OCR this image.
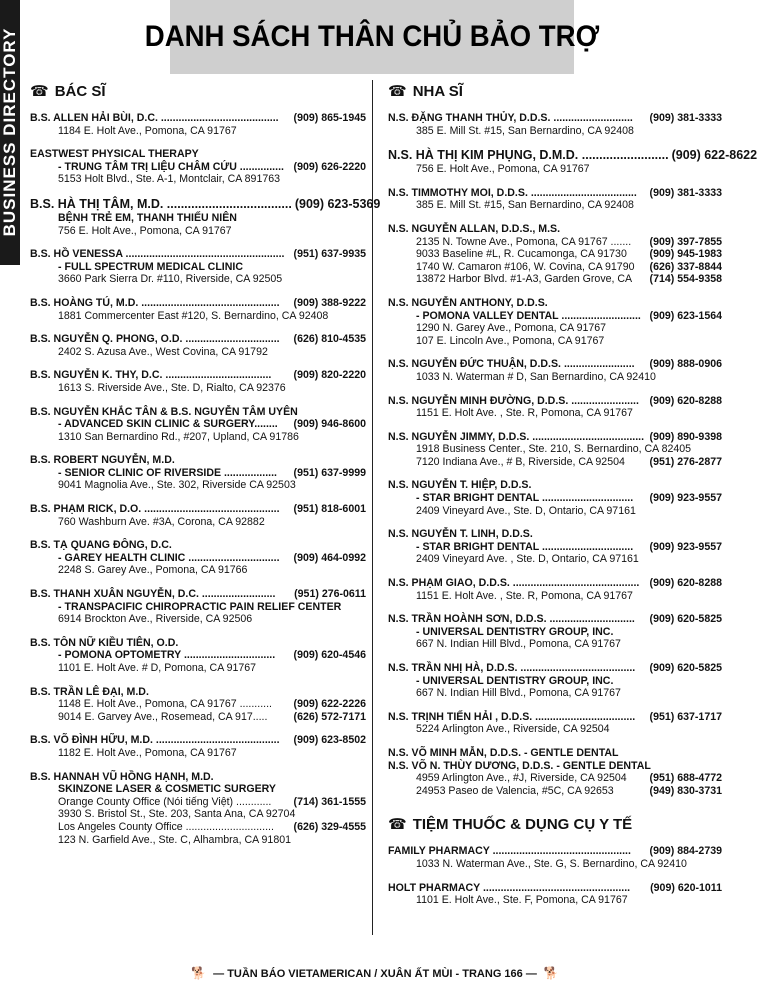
BUSINESS DIRECTORY	DANH SÁCH THÂN CHỦ BẢO TRỢ
☎ BÁC SĨ
B.S. ALLEN HẢI BÙI, D.C. ........................................ (909) 865-1945
1184 E. Holt Ave., Pomona, CA 91767
EASTWEST PHYSICAL THERAPY
- TRUNG TÂM TRỊ LIỆU CHÂM CỨU ............... (909) 626-2220
5153 Holt Blvd., Ste. A-1, Montclair, CA 891763
B.S. HÀ THỊ TÂM, M.D. .................................... (909) 623-5369
BỆNH TRẺ EM, THANH THIẾU NIÊN
756 E. Holt Ave., Pomona, CA 91767
B.S. HỒ VENESSA ...................................................... (951) 637-9935
- FULL SPECTRUM MEDICAL CLINIC
3660 Park Sierra Dr. #110, Riverside, CA 92505
B.S. HOÀNG TÚ, M.D. ............................................... (909) 388-9222
1881 Commercenter East #120, S. Bernardino, CA 92408
B.S. NGUYỄN Q. PHONG, O.D. ................................ (626) 810-4535
2402 S. Azusa Ave., West Covina, CA 91792
B.S. NGUYỄN K. THY, D.C. .................................... (909) 820-2220
1613 S. Riverside Ave., Ste. D, Rialto, CA 92376
B.S. NGUYỄN KHẮC TÂN & B.S. NGUYỄN TÂM UYÊN
- ADVANCED SKIN CLINIC & SURGERY........ (909) 946-8600
1310 San Bernardino Rd., #207, Upland, CA 91786
B.S. ROBERT NGUYỄN, M.D.
- SENIOR CLINIC OF RIVERSIDE .................. (951) 637-9999
9041 Magnolia Ave., Ste. 302, Riverside CA 92503
B.S. PHẠM RICK, D.O. .............................................. (951) 818-6001
760 Washburn Ave. #3A, Corona, CA 92882
B.S. TẠ QUANG ĐÔNG, D.C.
- GAREY HEALTH CLINIC ............................... (909) 464-0992
2248 S. Garey Ave., Pomona, CA 91766
B.S. THANH XUÂN NGUYỄN, D.C. ......................... (951) 276-0611
- TRANSPACIFIC CHIROPRACTIC PAIN RELIEF CENTER
6914 Brockton Ave., Riverside, CA 92506
B.S. TÔN NỮ KIỀU TIÊN, O.D.
- POMONA OPTOMETRY ............................... (909) 620-4546
1101 E. Holt Ave. # D, Pomona, CA 91767
B.S. TRẦN LÊ ĐẠI, M.D.
1148 E. Holt Ave., Pomona, CA 91767 ........... (909) 622-2226
9014 E. Garvey Ave., Rosemead, CA 917..... (626) 572-7171
B.S. VÕ ĐÌNH HỮU, M.D. .......................................... (909) 623-8502
1182 E. Holt Ave., Pomona, CA 91767
B.S. HANNAH VŨ HỒNG HẠNH, M.D.
SKINZONE LASER & COSMETIC SURGERY
Orange County Office (Nói tiếng Việt) ............ (714) 361-1555
3930 S. Bristol St., Ste. 203, Santa Ana, CA 92704
Los Angeles County Office .............................. (626) 329-4555
123 N. Garfield Ave., Ste. C, Alhambra, CA 91801
☎ NHA SĨ
N.S. ĐẶNG THANH THỦY, D.D.S. ........................... (909) 381-3333
385 E. Mill St. #15, San Bernardino, CA 92408
N.S. HÀ THỊ KIM PHỤNG, D.M.D. ......................... (909) 622-8622
756 E. Holt Ave., Pomona, CA 91767
N.S. TIMMOTHY MOI, D.D.S. .................................... (909) 381-3333
385 E. Mill St. #15, San Bernardino, CA 92408
N.S. NGUYỄN ALLAN, D.D.S., M.S.
2135 N. Towne Ave., Pomona, CA 91767 ....... (909) 397-7855
9033 Baseline #L, R. Cucamonga, CA 91730 (909) 945-1983
1740 W. Camaron #106, W. Covina, CA 91790 (626) 337-8844
13872 Harbor Blvd. #1-A3, Garden Grove, CA (714) 554-9358
N.S. NGUYỄN ANTHONY, D.D.S.
- POMONA VALLEY DENTAL ........................... (909) 623-1564
1290 N. Garey Ave., Pomona, CA 91767
107 E. Lincoln Ave., Pomona, CA 91767
N.S. NGUYỄN ĐỨC THUẬN, D.D.S. ........................ (909) 888-0906
1033 N. Waterman # D, San Bernardino, CA 92410
N.S. NGUYỄN MINH ĐƯỜNG, D.D.S. ....................... (909) 620-8288
1151 E. Holt Ave. , Ste. R, Pomona, CA 91767
N.S. NGUYỄN JIMMY, D.D.S. ...................................... (909) 890-9398
1918 Business Center., Ste. 210, S. Bernardino, CA 82405
7120 Indiana Ave., # B, Riverside, CA 92504 (951) 276-2877
N.S. NGUYỄN T. HIỆP, D.D.S.
- STAR BRIGHT DENTAL ............................... (909) 923-9557
2409 Vineyard Ave., Ste. D, Ontario, CA 97161
N.S. NGUYỄN T. LINH, D.D.S.
- STAR BRIGHT DENTAL ............................... (909) 923-9557
2409 Vineyard Ave. , Ste. D, Ontario, CA 97161
N.S. PHẠM GIAO, D.D.S. ........................................... (909) 620-8288
1151 E. Holt Ave. , Ste. R, Pomona, CA 91767
N.S. TRẦN HOÀNH SƠN, D.D.S. ............................. (909) 620-5825
- UNIVERSAL DENTISTRY GROUP, INC.
667 N. Indian Hill Blvd., Pomona, CA 91767
N.S. TRẦN NHỊ HÀ, D.D.S. ....................................... (909) 620-5825
- UNIVERSAL DENTISTRY GROUP, INC.
667 N. Indian Hill Blvd., Pomona, CA 91767
N.S. TRỊNH TIẾN HẢI , D.D.S. .................................. (951) 637-1717
5224 Arlington Ave., Riverside, CA 92504
N.S. VÕ MINH MẪN, D.D.S. - GENTLE DENTAL
N.S. VÕ N. THÙY DƯƠNG, D.D.S. - GENTLE DENTAL
4959 Arlington Ave., #J, Riverside, CA 92504 (951) 688-4772
24953 Paseo de Valencia, #5C, CA 92653	(949) 830-3731
☎ TIỆM THUỐC & DỤNG CỤ Y TẾ
FAMILY PHARMACY ............................................... (909) 884-2739
1033 N. Waterman Ave., Ste. G, S. Bernardino, CA 92410
HOLT PHARMACY .................................................. (909) 620-1011
1101 E. Holt Ave., Ste. F, Pomona, CA 91767
🐕 — TUẦN BÁO VIETAMERICAN / XUÂN ẤT MÙI - TRANG 166 — 🐕
